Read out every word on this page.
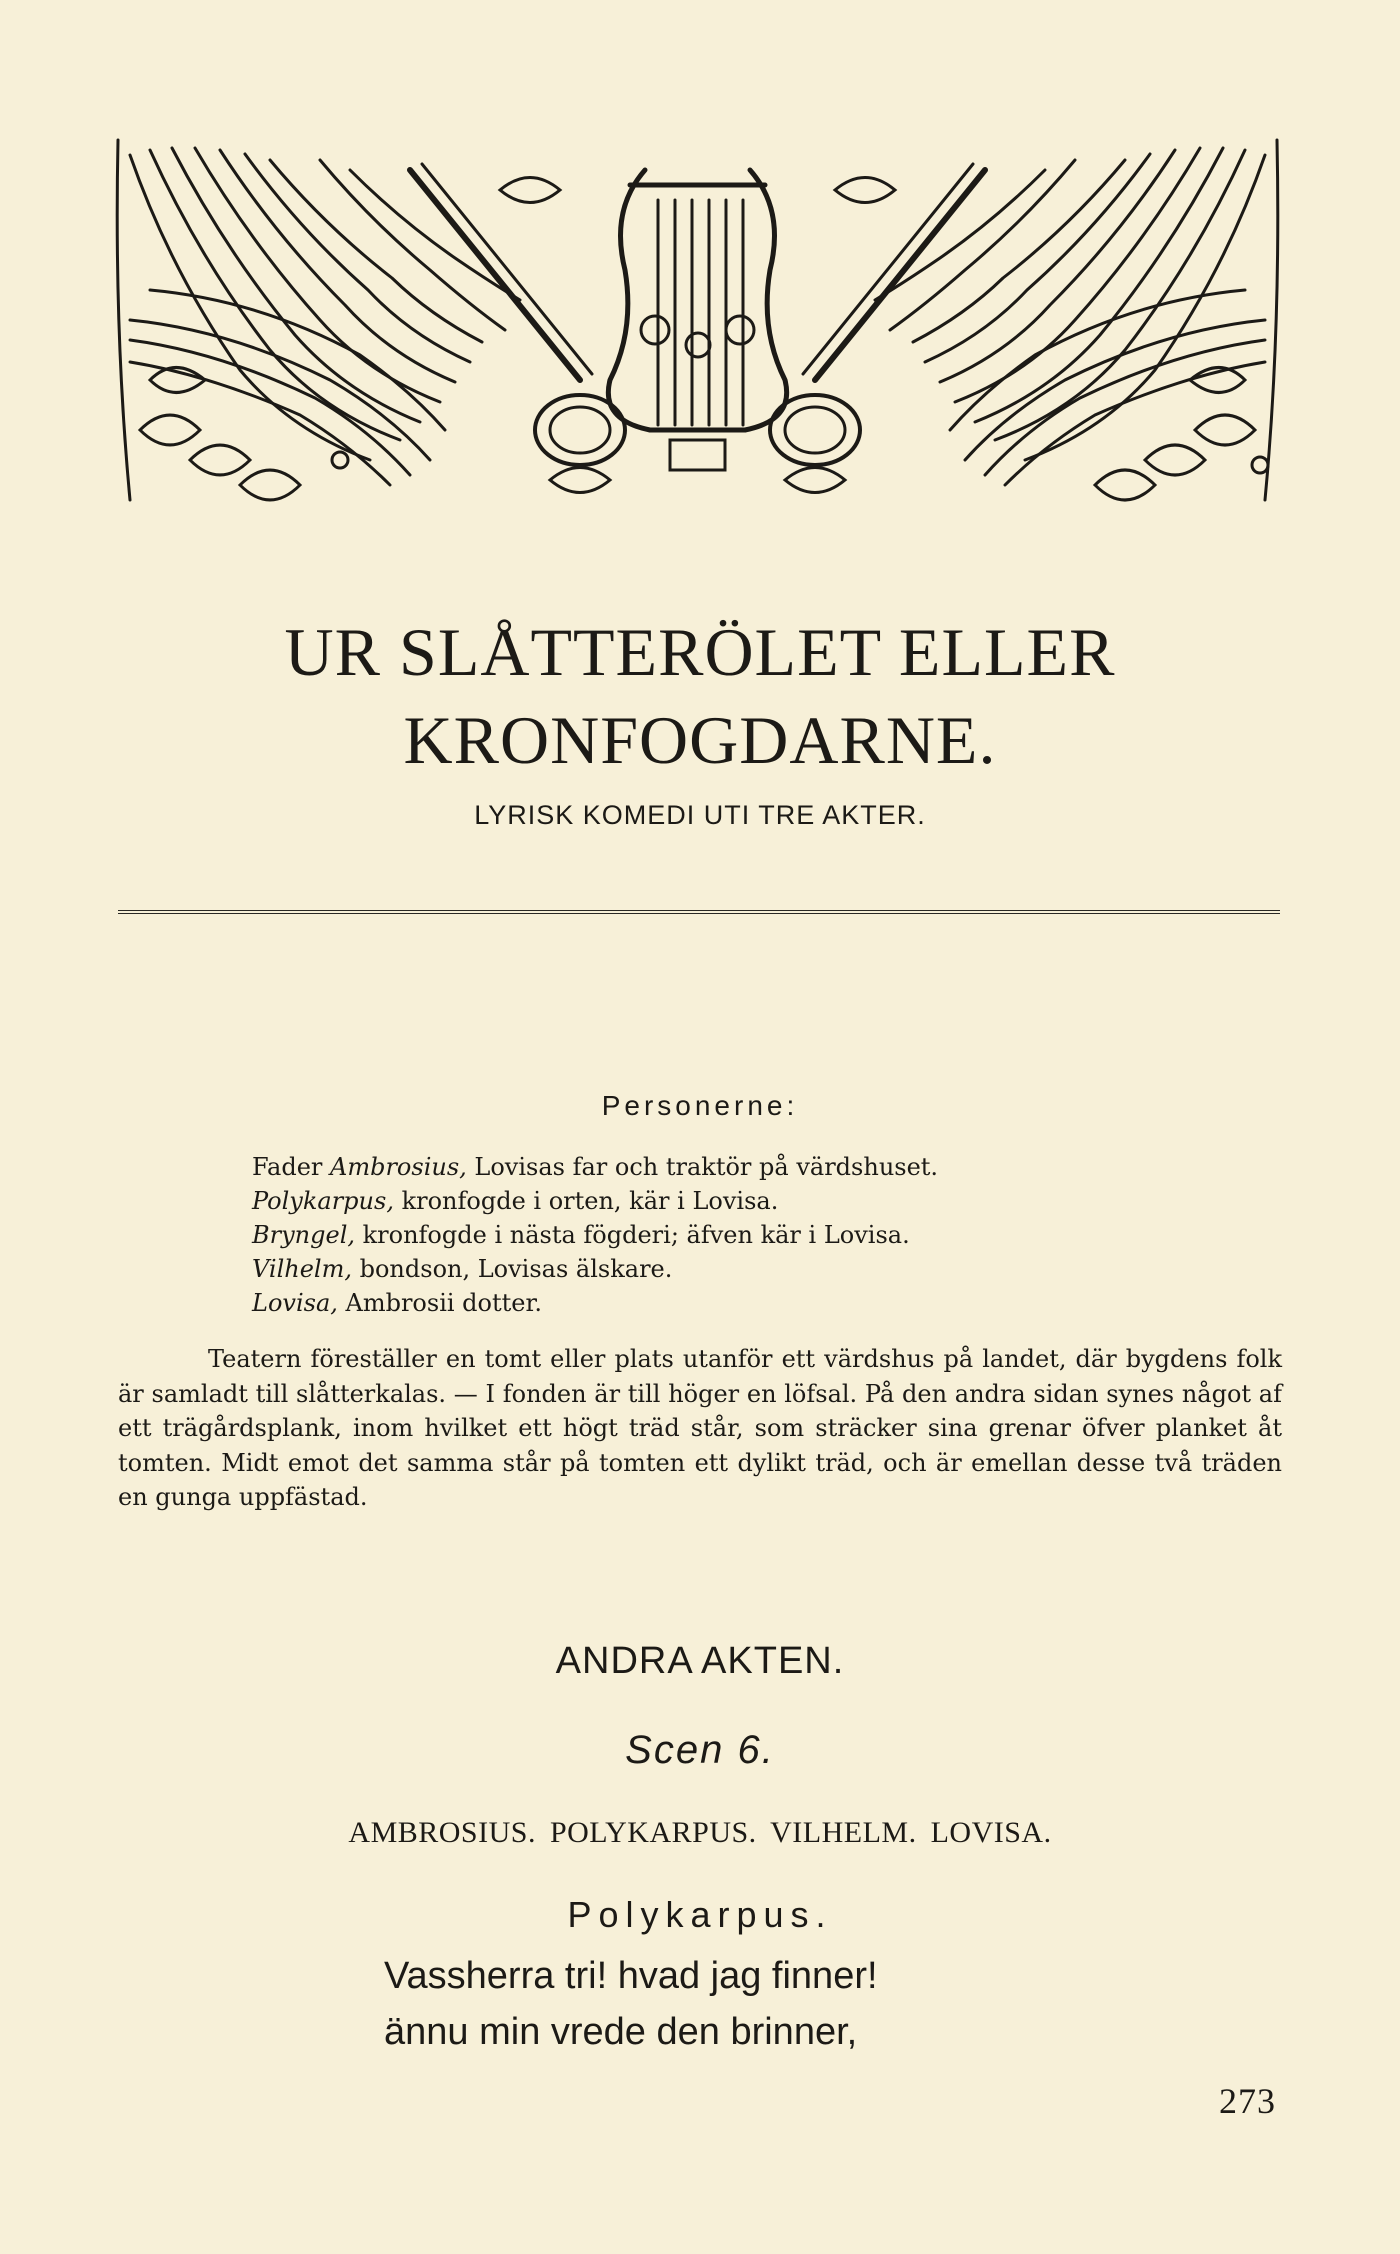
UR SLÅTTERÖLET ELLER
KRONFOGDARNE.
LYRISK KOMEDI UTI TRE AKTER.
Personerne:
Fader Ambrosius, Lovisas far och traktör på värdshuset.
Polykarpus, kronfogde i orten, kär i Lovisa.
Bryngel, kronfogde i nästa fögderi; äfven kär i Lovisa.
Vilhelm, bondson, Lovisas älskare.
Lovisa, Ambrosii dotter.
Teatern föreställer en tomt eller plats utanför ett värdshus på landet, där bygdens folk är samladt till slåtterkalas. — I fonden är till höger en löfsal. På den andra sidan synes något af ett trägårdsplank, inom hvilket ett högt träd står, som sträcker sina grenar öfver planket åt tomten. Midt emot det samma står på tomten ett dylikt träd, och är emellan desse två träden en gunga uppfästad.
ANDRA AKTEN.
Scen 6.
AMBROSIUS. POLYKARPUS. VILHELM. LOVISA.
Polykarpus.
Vassherra tri! hvad jag finner!
ännu min vrede den brinner,
273
